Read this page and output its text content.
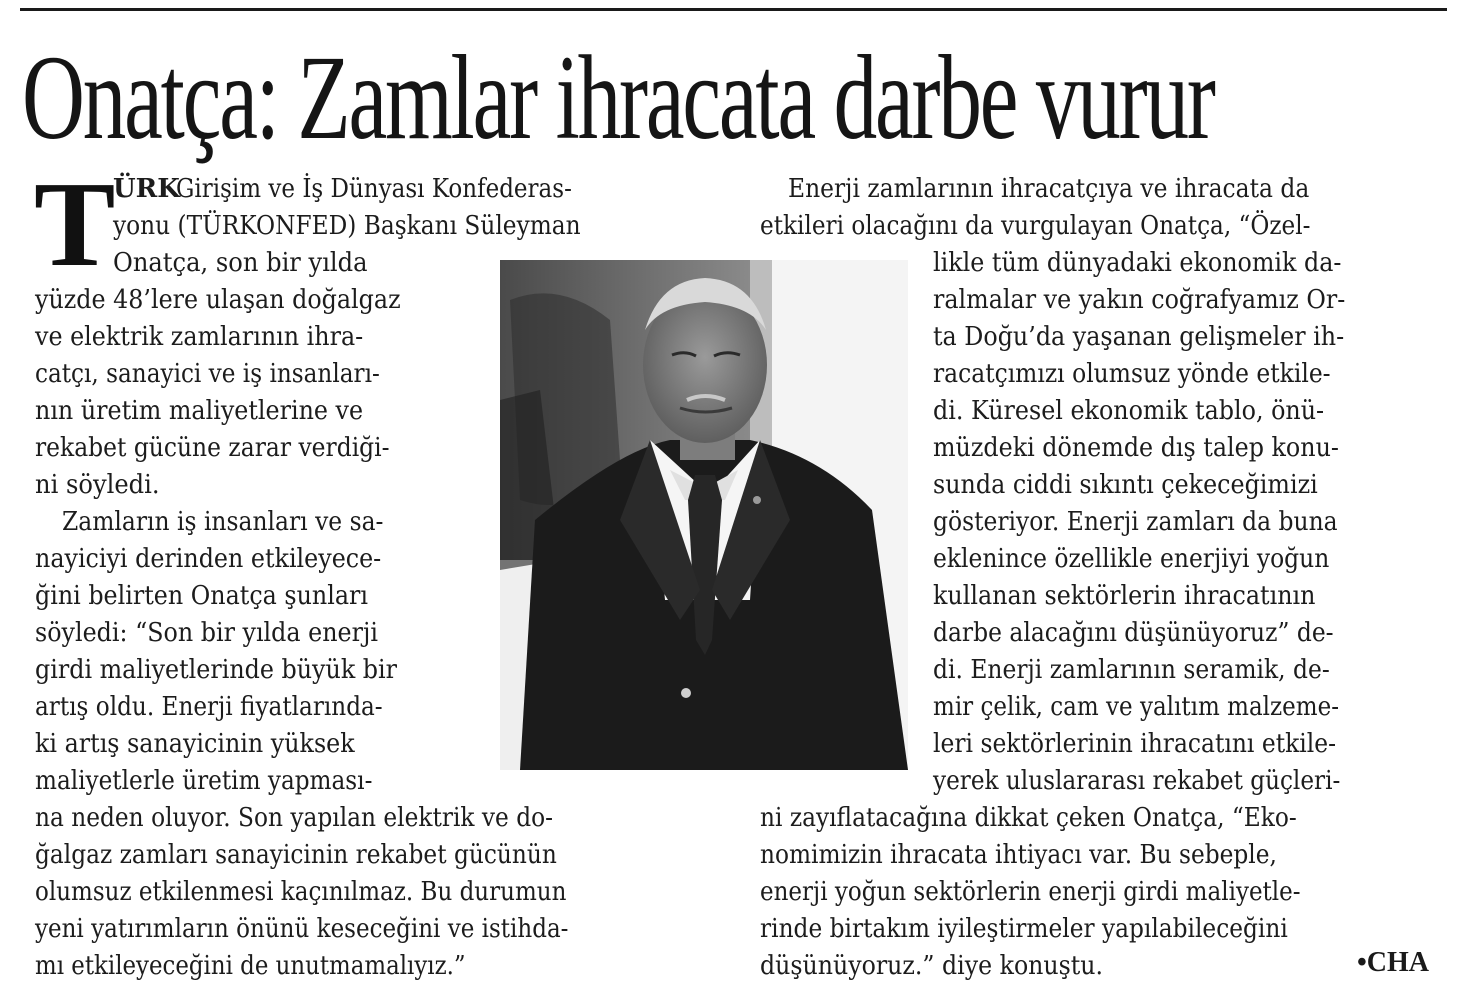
Onatça: Zamlar ihracata darbe vurur
T
ÜRK
Girişim ve İş Dünyası Konfederas-
yonu (TÜRKONFED) Başkanı Süleyman
Onatça, son bir yılda
yüzde 48’lere ulaşan doğalgaz
ve elektrik zamlarının ihra-
catçı, sanayici ve iş insanları-
nın üretim maliyetlerine ve
rekabet gücüne zarar verdiği-
ni söyledi.
Zamların iş insanları ve sa-
nayiciyi derinden etkileyece-
ğini belirten Onatça şunları
söyledi: “Son bir yılda enerji
girdi maliyetlerinde büyük bir
artış oldu. Enerji fiyatlarında-
ki artış sanayicinin yüksek
maliyetlerle üretim yapması-
na neden oluyor. Son yapılan elektrik ve do-
ğalgaz zamları sanayicinin rekabet gücünün
olumsuz etkilenmesi kaçınılmaz. Bu durumun
yeni yatırımların önünü keseceğini ve istihda-
mı etkileyeceğini de unutmamalıyız.”
Enerji zamlarının ihracatçıya ve ihracata da
etkileri olacağını da vurgulayan Onatça, “Özel-
likle tüm dünyadaki ekonomik da-
ralmalar ve yakın coğrafyamız Or-
ta Doğu’da yaşanan gelişmeler ih-
racatçımızı olumsuz yönde etkile-
di. Küresel ekonomik tablo, önü-
müzdeki dönemde dış talep konu-
sunda ciddi sıkıntı çekeceğimizi
gösteriyor. Enerji zamları da buna
eklenince özellikle enerjiyi yoğun
kullanan sektörlerin ihracatının
darbe alacağını düşünüyoruz” de-
di. Enerji zamlarının seramik, de-
mir çelik, cam ve yalıtım malzeme-
leri sektörlerinin ihracatını etkile-
yerek uluslararası rekabet güçleri-
ni zayıflatacağına dikkat çeken Onatça, “Eko-
nomimizin ihracata ihtiyacı var. Bu sebeple,
enerji yoğun sektörlerin enerji girdi maliyetle-
rinde birtakım iyileştirmeler yapılabileceğini
düşünüyoruz.” diye konuştu.	•CHA
